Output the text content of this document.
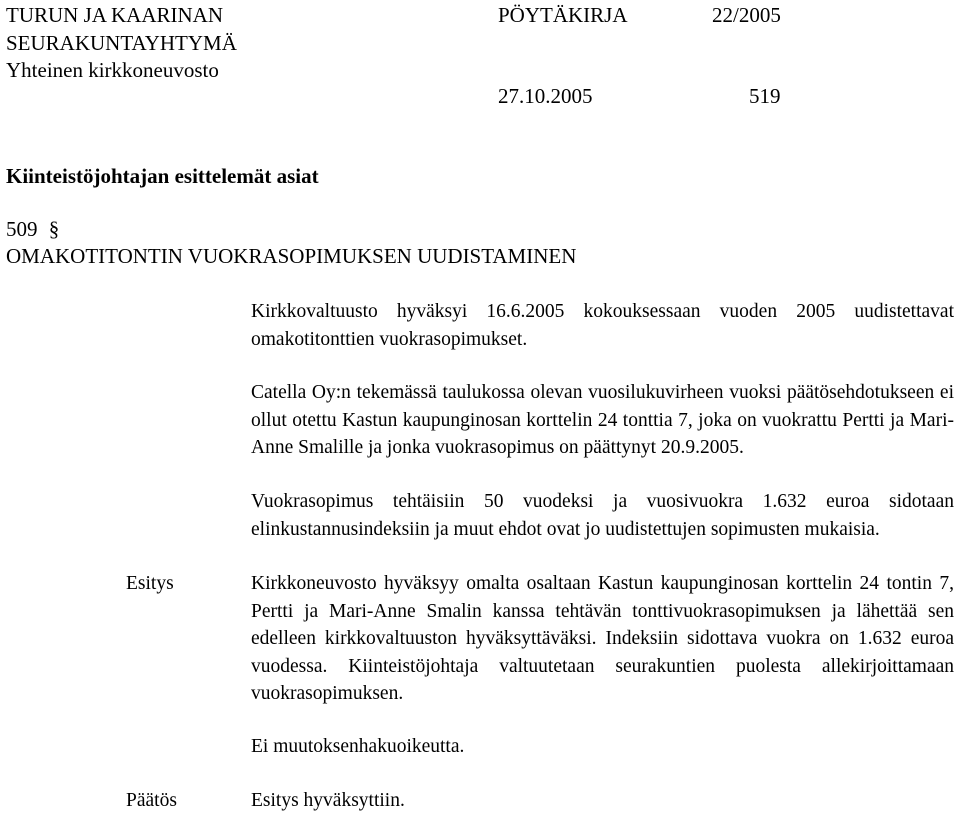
TURUN JA KAARINAN
SEURAKUNTAYHTYMÄ
Yhteinen kirkkoneuvosto
PÖYTÄKIRJA	22/2005
27.10.2005	519
Kiinteistöjohtajan esittelemät asiat
509 §
OMAKOTITONTIN VUOKRASOPIMUKSEN UUDISTAMINEN
Kirkkovaltuusto hyväksyi 16.6.2005 kokouksessaan vuoden 2005 uudistettavat omakotitonttien vuokrasopimukset.
Catella Oy:n tekemässä taulukossa olevan vuosilukuvirheen vuoksi päätösehdotukseen ei ollut otettu Kastun kaupunginosan korttelin 24 tonttia 7, joka on vuokrattu Pertti ja Mari-Anne Smalille ja jonka vuokrasopimus on päättynyt 20.9.2005.
Vuokrasopimus tehtäisiin 50 vuodeksi ja vuosivuokra 1.632 euroa sidotaan elinkustannusindeksiin ja muut ehdot ovat jo uudistettujen sopimusten mukaisia.
Esitys	Kirkkoneuvosto hyväksyy omalta osaltaan Kastun kaupunginosan korttelin 24 tontin 7, Pertti ja Mari-Anne Smalin kanssa tehtävän tonttivuokrasopimuksen ja lähettää sen edelleen kirkkovaltuuston hyväksyttäväksi. Indeksiin sidottava vuokra on 1.632 euroa vuodessa. Kiinteistöjohtaja valtuutetaan seurakuntien puolesta allekirjoittamaan vuokrasopimuksen.
Ei muutoksenhakuoikeutta.
Päätös	Esitys hyväksyttiin.
